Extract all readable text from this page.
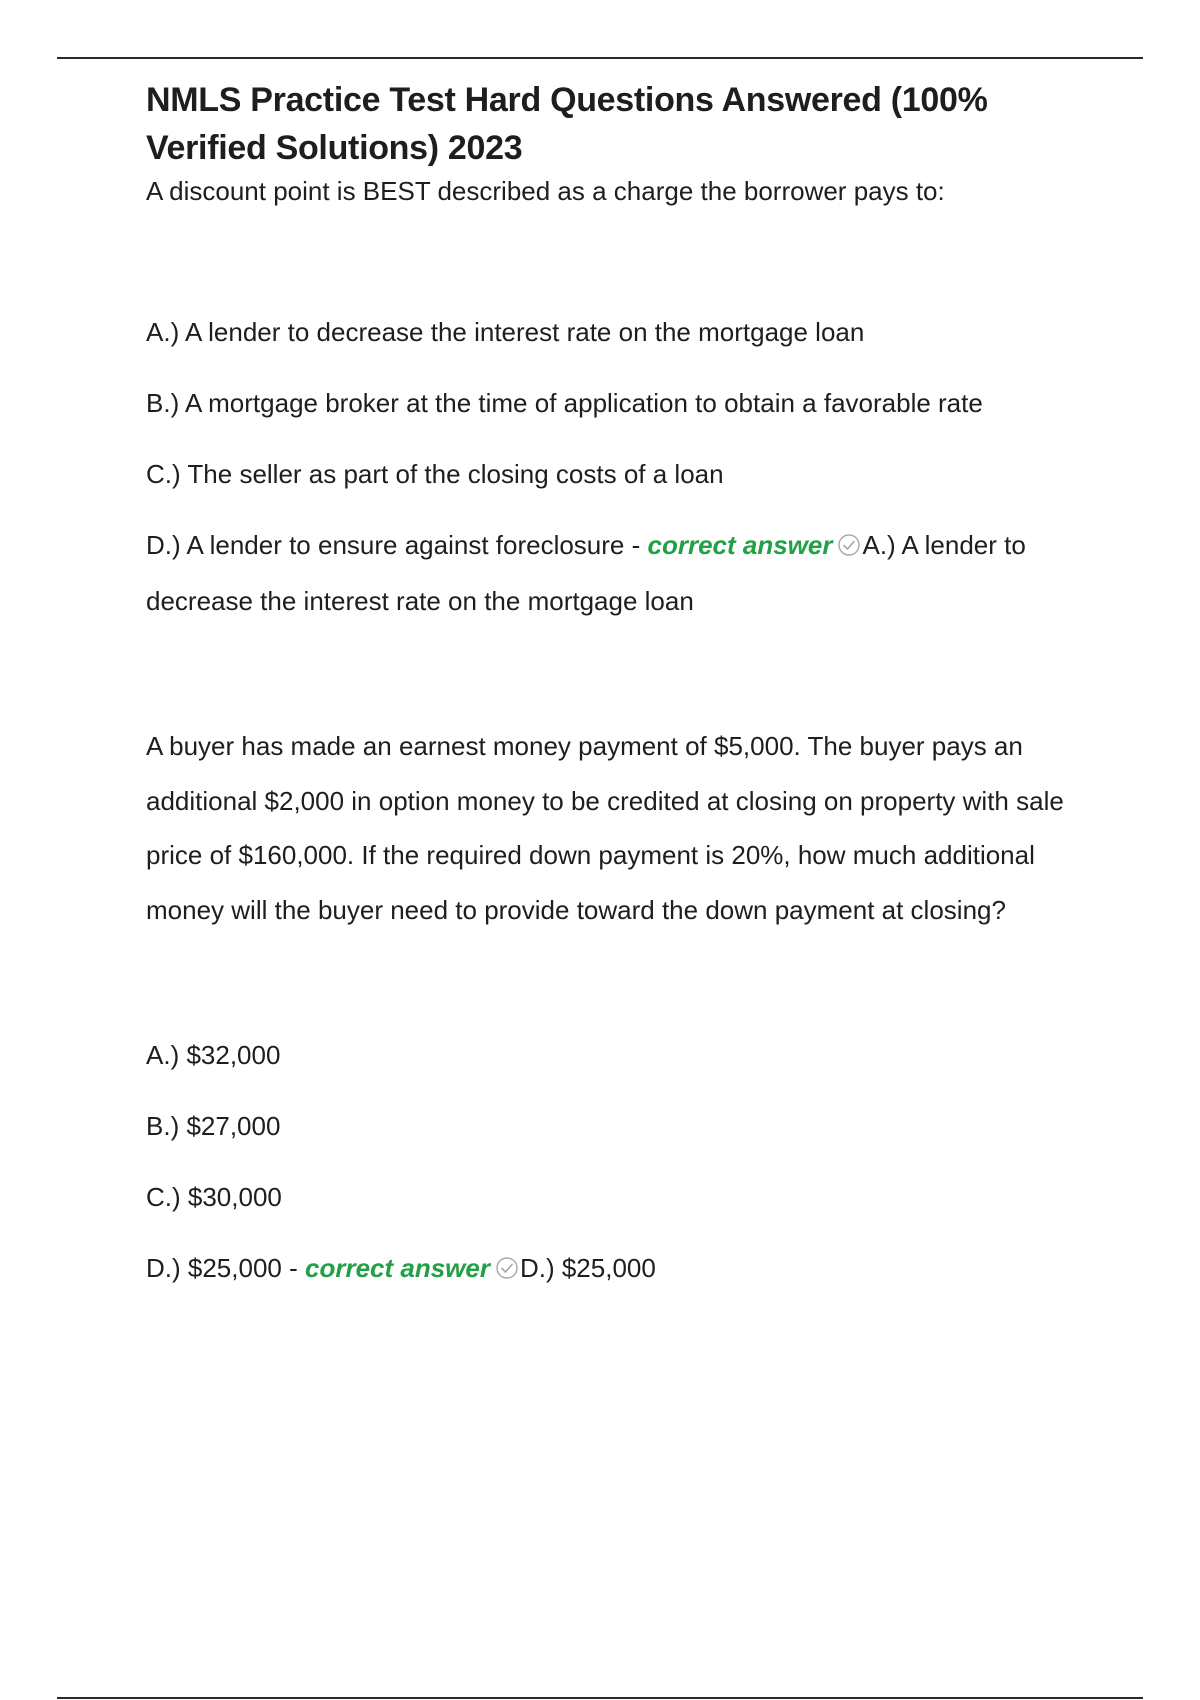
NMLS Practice Test Hard Questions Answered (100% Verified Solutions) 2023

A discount point is BEST described as a charge the borrower pays to:

A.) A lender to decrease the interest rate on the mortgage loan
B.) A mortgage broker at the time of application to obtain a favorable rate
C.) The seller as part of the closing costs of a loan
D.) A lender to ensure against foreclosure - correct answer A.) A lender to decrease the interest rate on the mortgage loan

A buyer has made an earnest money payment of $5,000. The buyer pays an additional $2,000 in option money to be credited at closing on property with sale price of $160,000. If the required down payment is 20%, how much additional money will the buyer need to provide toward the down payment at closing?

A.) $32,000
B.) $27,000
C.) $30,000
D.) $25,000 - correct answer D.) $25,000
